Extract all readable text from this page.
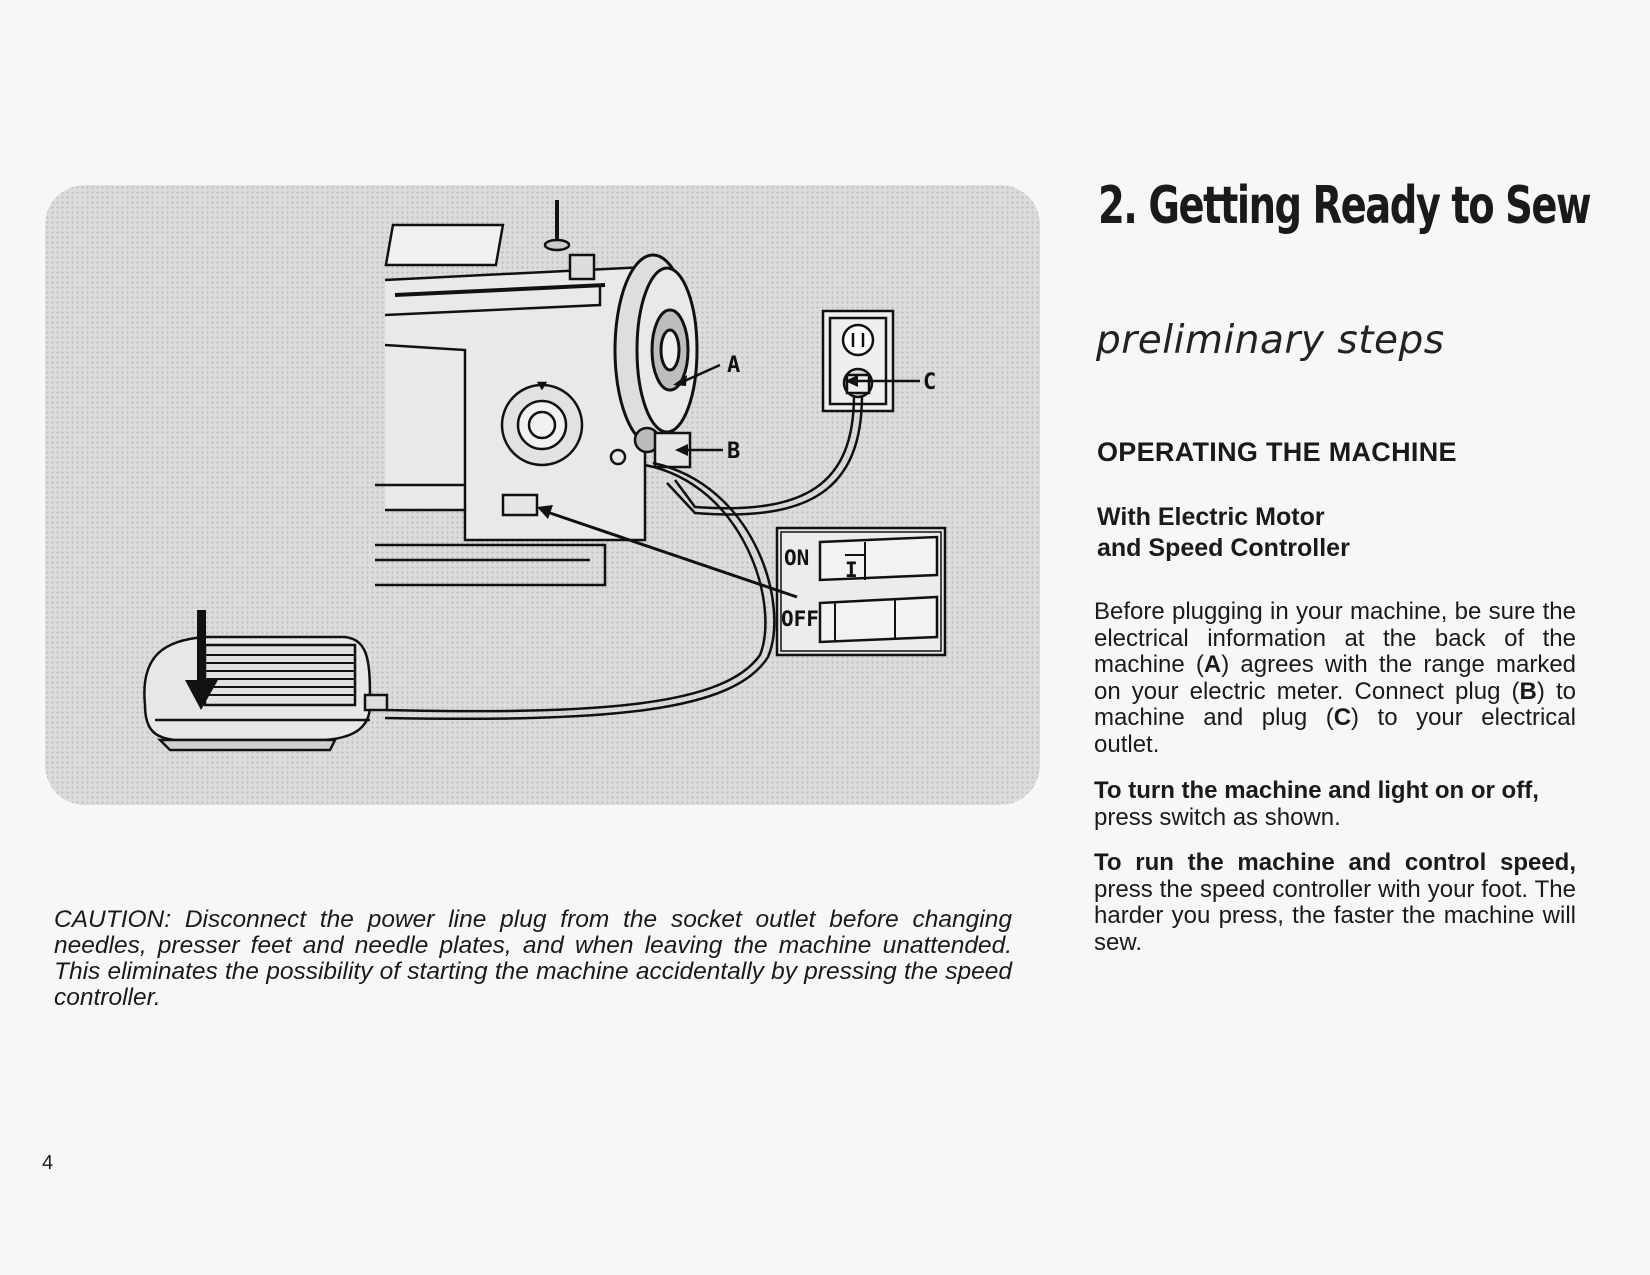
A
B
C
ON
OFF
I
2. Getting Ready to Sew
preliminary steps
OPERATING THE MACHINE
With Electric Motor
and Speed Controller
Before plugging in your machine, be sure the electrical information at the back of the machine (A) agrees with the range marked on your electric meter. Connect plug (B) to machine and plug (C) to your electrical outlet.
To turn the machine and light on or off,
press switch as shown.
To run the machine and control speed, press the speed controller with your foot. The harder you press, the faster the machine will sew.
CAUTION: Disconnect the power line plug from the socket outlet before changing needles, presser feet and needle plates, and when leaving the machine unattended. This eliminates the possibility of starting the machine accidentally by pressing the speed controller.
4
